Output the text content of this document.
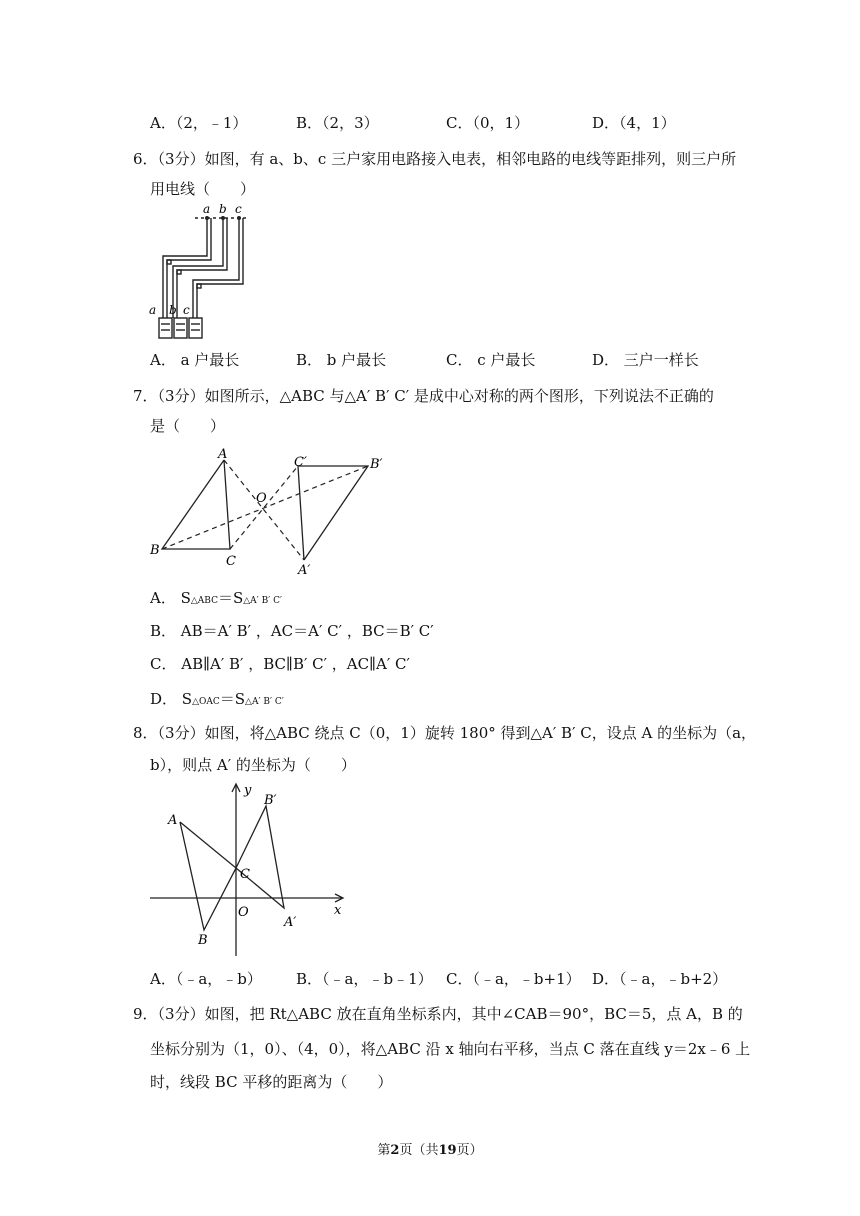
A．（2，﹣1）	B．（2，3）	C．（0，1）	D．（4，1）
6．（3分）如图，有 a、b、c 三户家用电路接入电表，相邻电路的电线等距排列，则三户所
用电线（　　）
a b c
a b c
A． a 户最长	B． b 户最长	C． c 户最长	D． 三户一样长
7．（3分）如图所示，△ABC 与△A′ B′ C′ 是成中心对称的两个图形，下列说法不正确的
是（　　）
A
B
C
O
A′
B′
C′
A． S△ABC＝S△A′ B′ C′
B． AB＝A′ B′ ，AC＝A′ C′ ，BC＝B′ C′
C． AB∥A′ B′ ，BC∥B′ C′ ，AC∥A′ C′
D． S△OAC＝S△A′ B′ C′
8．（3分）如图，将△ABC 绕点 C（0，1）旋转 180° 得到△A′ B′ C，设点 A 的坐标为（a，
b），则点 A′ 的坐标为（　　）
y
x
A
B
C
O
A′
B′
A．（﹣a，﹣b） B．（﹣a，﹣b﹣1） C．（﹣a，﹣b+1） D．（﹣a，﹣b+2）
9．（3分）如图，把 Rt△ABC 放在直角坐标系内，其中∠CAB＝90°，BC＝5，点 A，B 的
坐标分别为（1，0）、（4，0），将△ABC 沿 x 轴向右平移，当点 C 落在直线 y＝2x﹣6 上
时，线段 BC 平移的距离为（　　）
第2页（共19页）
